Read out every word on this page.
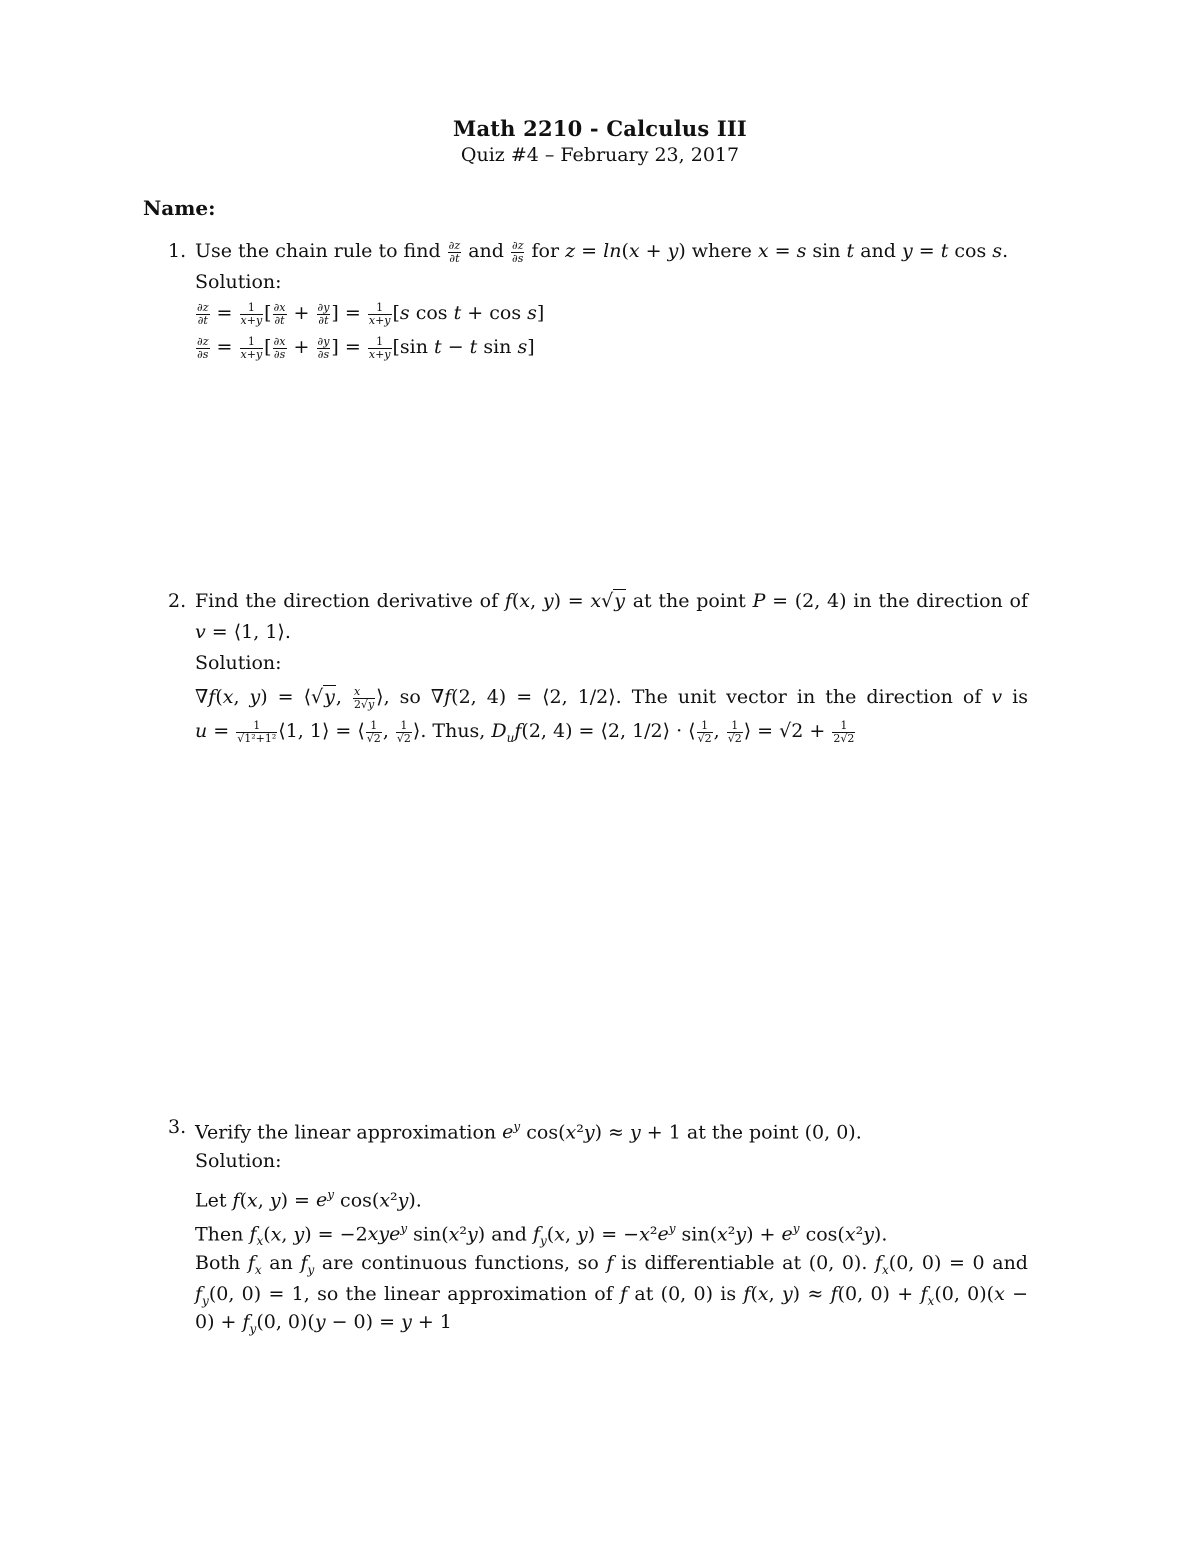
Math 2210 - Calculus III
Quiz #4 – February 23, 2017
Name:
1. Use the chain rule to find $\frac{\partial z}{\partial t}$ and $\frac{\partial z}{\partial s}$ for z = ln(x + y) where x = s sin t and y = t cos s.
Solution:
$\frac{\partial z}{\partial t} = \frac{1}{x+y}$ [ $\frac{\partial x}{\partial t} + \frac{\partial y}{\partial t}$ ] = $\frac{1}{x+y} [s$ cos t + cos s]
$\frac{\partial z}{\partial s} = \frac{1}{x+y}$ [ $\frac{\partial x}{\partial s} + \frac{\partial y}{\partial s}$ ] = $\frac{1}{x+y} [\sin$ t − t sin s]
2. Find the direction derivative of f(x, y) = x√y at the point P = (2, 4) in the direction of
v = ⟨1, 1⟩.
Solution:
∇f(x, y) = ⟨√y, $\frac{x}{2√y}$ ⟩, so ∇f(2, 4) = ⟨2, 1/2⟩. The unit vector in the direction of v is
$u = \frac{1}{\text{√1²+1²}}$ ⟨1, 1⟩ = ⟨ $\frac{1}{√2}$ , $\frac{1}{√2}$ ⟩. Thus, $D_uf(2$, 4) = ⟨2, 1/2⟩ · ⟨ $\frac{1}{√2}$ , $\frac{1}{√2}$ ⟩ = $√2 + \frac{1}{2√2}$
3. Verify the linear approximation $e^y$ cos(x²y) ≈ y + 1 at the point (0, 0).
Solution:
Let f(x, $y) = e^y$ cos(x²y).
Then $f_x(x$, y) = −2xye$^y$ sin(x²y) and $f_y(x$, $y) = -x^2e^y$ $\sin(x^2y) + e^y$ cos(x²y).
Both $f_x$ an $f_y$ are continuous functions, so f is differentiable at (0, 0). $f_x(0$, 0) = 0 and
$f_y(0$, 0) = 1, so the linear approximation of f at (0, 0) is f(x, y) ≈ f(0, $0) + f_x(0$, 0)(x −
$0) + f_y(0$, 0)(y − 0) = y + 1
